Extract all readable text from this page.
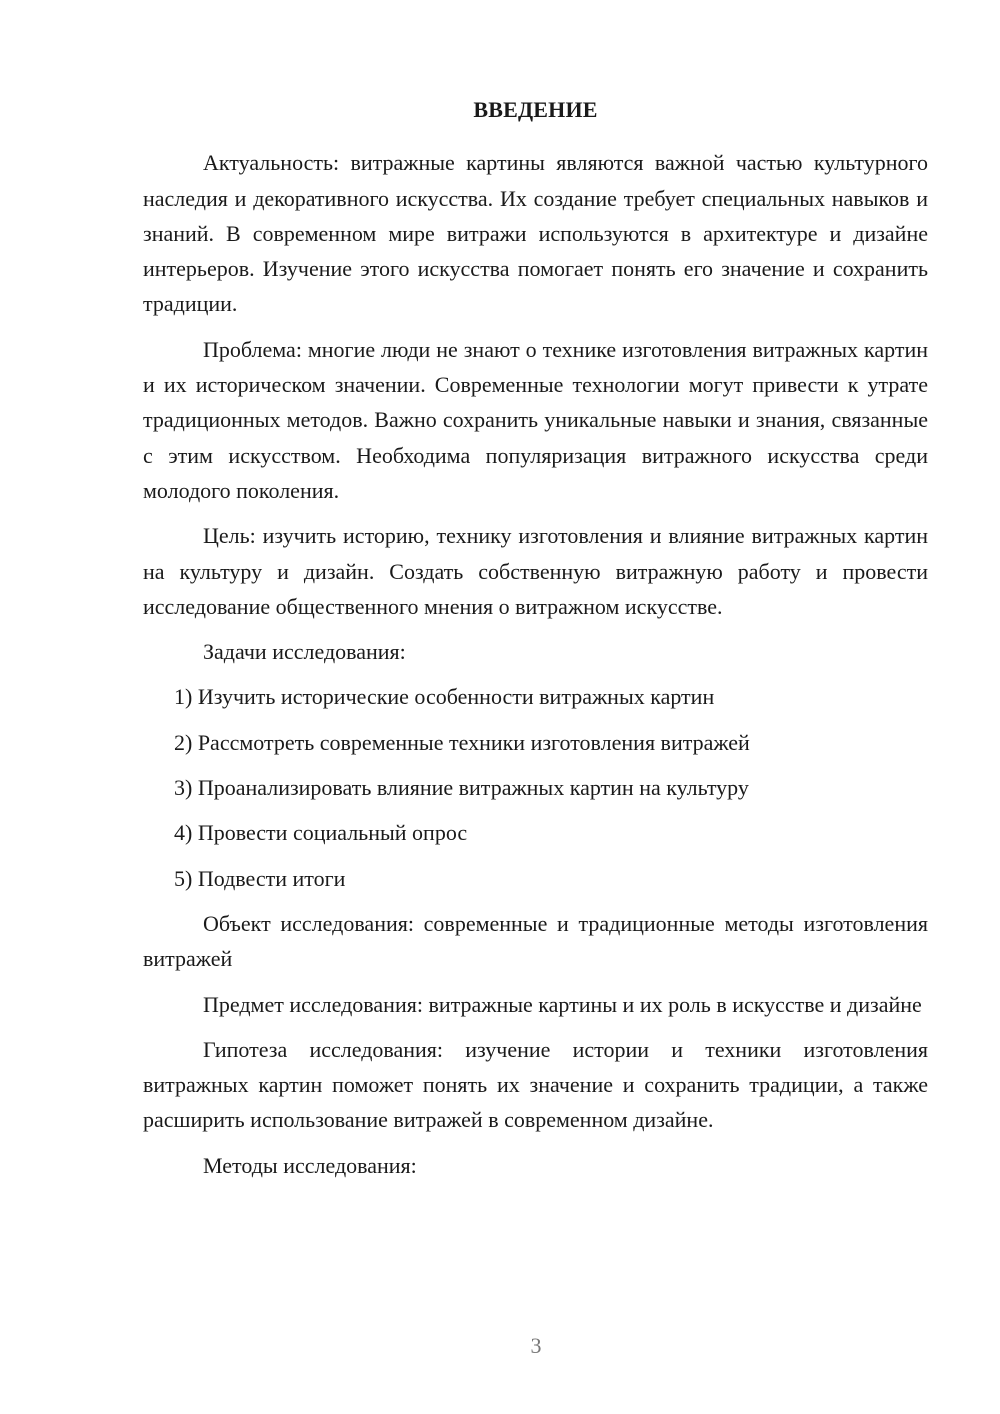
ВВЕДЕНИЕ

Актуальность: витражные картины являются важной частью культурного наследия и декоративного искусства. Их создание требует специальных навыков и знаний. В современном мире витражи используются в архитектуре и дизайне интерьеров. Изучение этого искусства помогает понять его значение и сохранить традиции.

Проблема: многие люди не знают о технике изготовления витражных картин и их историческом значении. Современные технологии могут привести к утрате традиционных методов. Важно сохранить уникальные навыки и знания, связанные с этим искусством. Необходима популяризация витражного искусства среди молодого поколения.

Цель: изучить историю, технику изготовления и влияние витражных картин на культуру и дизайн. Создать собственную витражную работу и провести исследование общественного мнения о витражном искусстве.

Задачи исследования:

1) Изучить исторические особенности витражных картин
2) Рассмотреть современные техники изготовления витражей
3) Проанализировать влияние витражных картин на культуру
4) Провести социальный опрос
5) Подвести итоги

Объект исследования: современные и традиционные методы изготовления витражей

Предмет исследования: витражные картины и их роль в искусстве и дизайне

Гипотеза исследования: изучение истории и техники изготовления витражных картин поможет понять их значение и сохранить традиции, а также расширить использование витражей в современном дизайне.

Методы исследования:

3
